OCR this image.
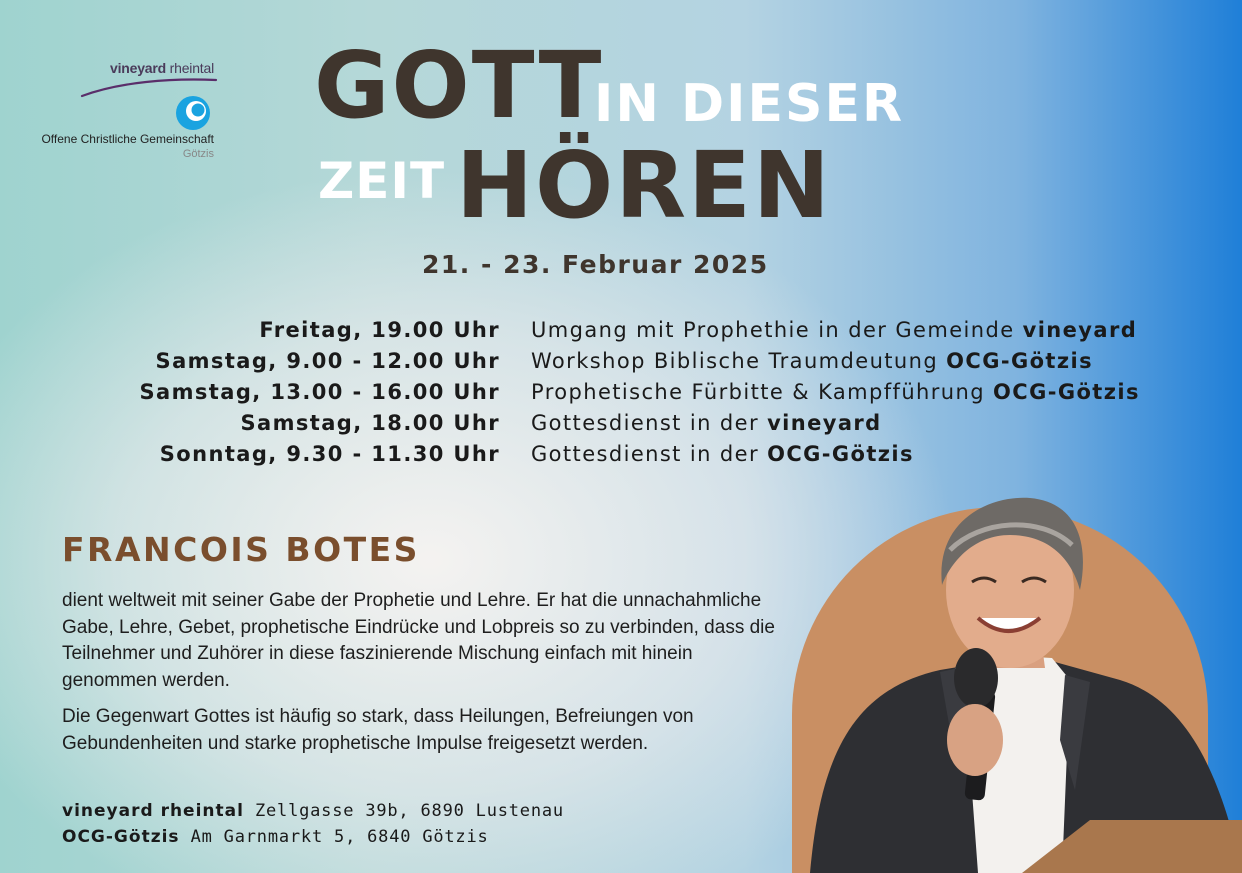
vineyard rheintal
Offene Christliche Gemeinschaft
Götzis
GOTT
IN DIESER
ZEIT HÖREN
21. - 23. Februar 2025
Freitag, 19.00 Uhr Umgang mit Prophethie in der Gemeinde vineyard
Samstag, 9.00 - 12.00 Uhr Workshop Biblische Traumdeutung OCG-Götzis
Samstag, 13.00 - 16.00 Uhr Prophetische Fürbitte & Kampfführung OCG-Götzis
Samstag, 18.00 Uhr Gottesdienst in der vineyard
Sonntag, 9.30 - 11.30 Uhr Gottesdienst in der OCG-Götzis
FRANCOIS BOTES

dient weltweit mit seiner Gabe der Prophetie und Lehre. Er hat die unnachahmliche Gabe, Lehre, Gebet, prophetische Eindrücke und Lobpreis so zu verbinden, dass die Teilnehmer und Zuhörer in diese faszinierende Mischung einfach mit hinein genommen werden.

Die Gegenwart Gottes ist häufig so stark, dass Heilungen, Befreiungen von Gebundenheiten und starke prophetische Impulse freigesetzt werden.

vineyard rheintal Zellgasse 39b, 6890 Lustenau
OCG-Götzis Am Garnmarkt 5, 6840 Götzis
